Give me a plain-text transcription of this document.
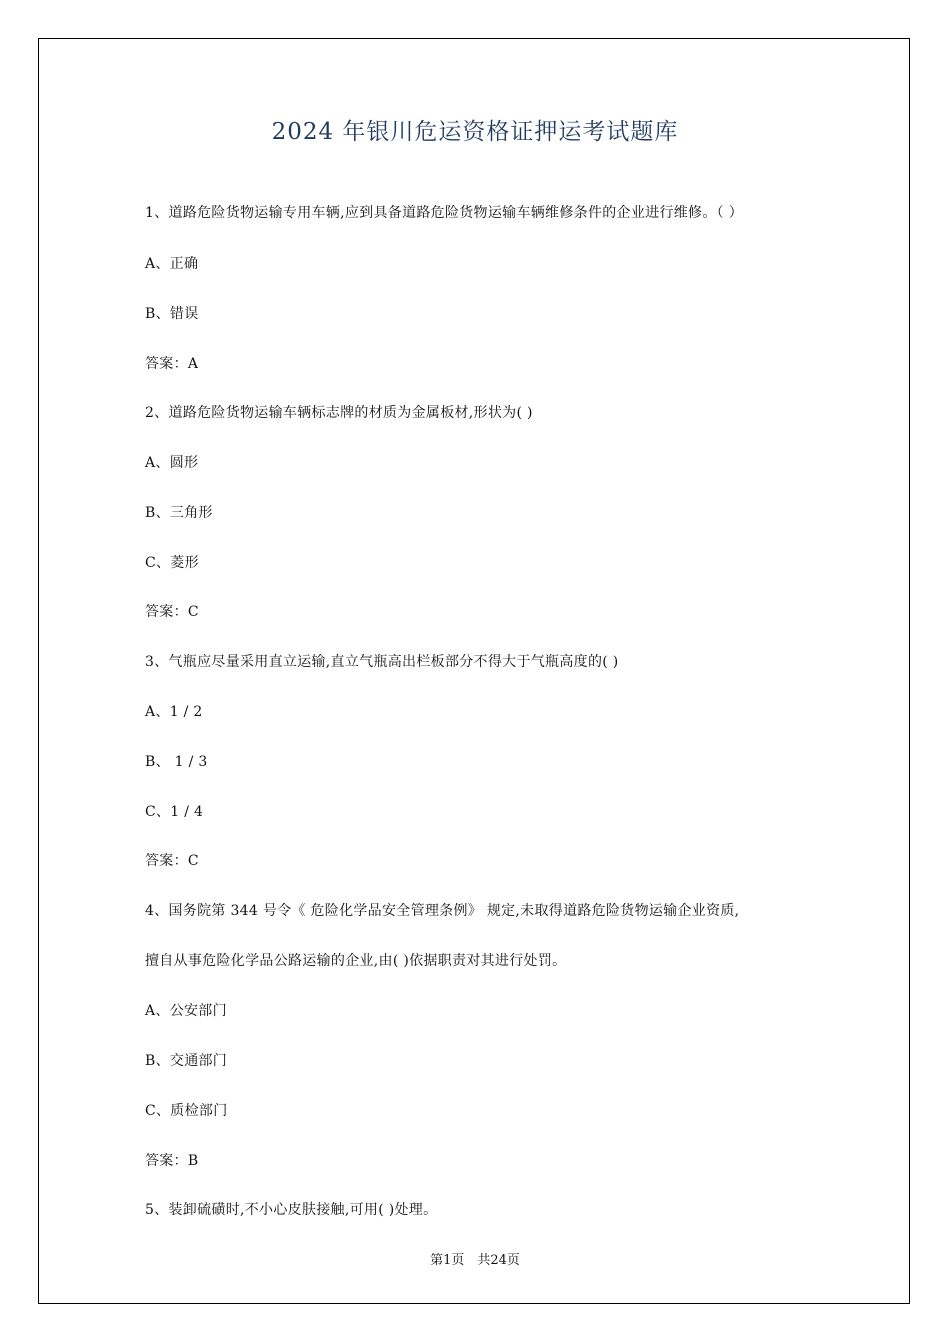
2024 年银川危运资格证押运考试题库
1、道路危险货物运输专用车辆,应到具备道路危险货物运输车辆维修条件的企业进行维修。（ ）
A、正确
B、错误
答案：A
2、道路危险货物运输车辆标志牌的材质为金属板材,形状为( )
A、圆形
B、三角形
C、菱形
答案：C
3、气瓶应尽量采用直立运输,直立气瓶高出栏板部分不得大于气瓶高度的( )
A、1 / 2
B、 1 / 3
C、1 / 4
答案：C
4、国务院第 344 号令《 危险化学品安全管理条例》 规定,未取得道路危险货物运输企业资质,
擅自从事危险化学品公路运输的企业,由( )依据职责对其进行处罚。
A、公安部门
B、交通部门
C、质检部门
答案：B
5、装卸硫磺时,不小心皮肤接触,可用( )处理。
第1页　共24页
